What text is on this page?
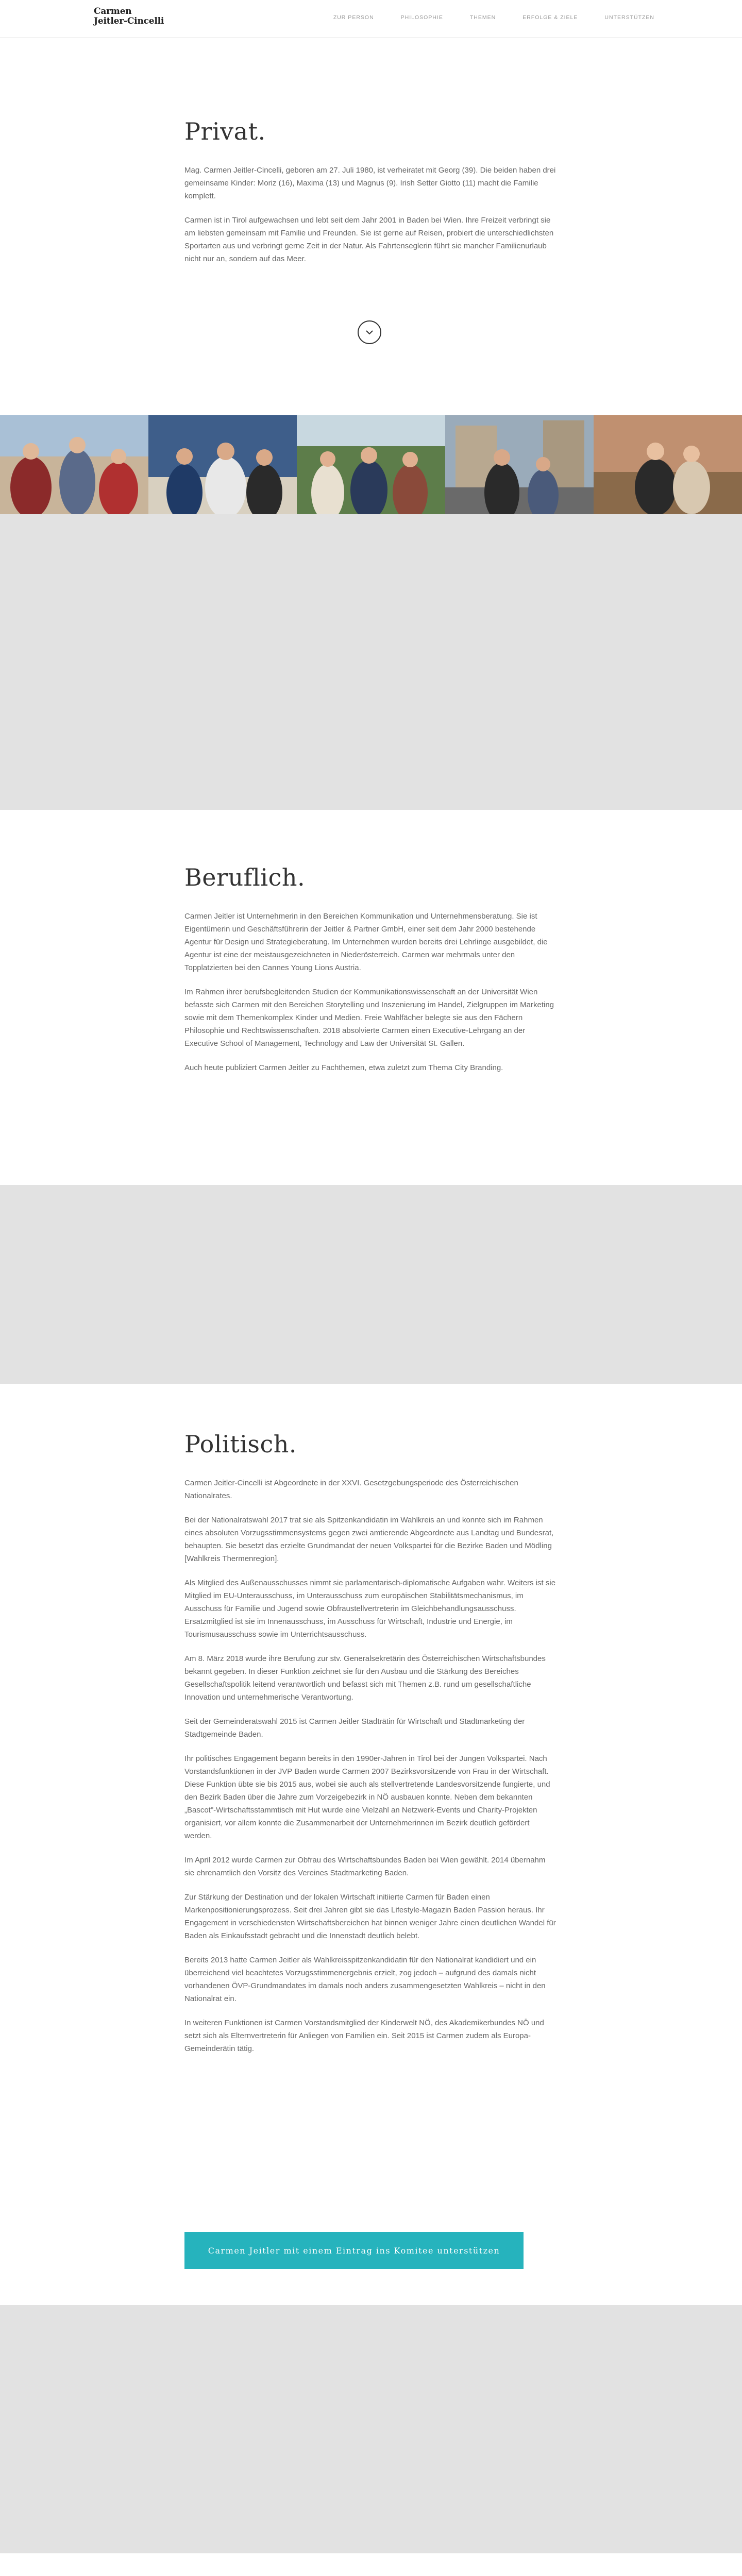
Carmen
Jeitler-Cincelli	ZUR PERSON	PHILOSOPHIE	THEMEN	ERFOLGE & ZIELE	UNTERSTÜTZEN
Privat.

Mag. Carmen Jeitler-Cincelli, geboren am 27. Juli 1980, ist verheiratet mit Georg (39). Die beiden haben drei gemeinsame Kinder: Moriz (16), Maxima (13) und Magnus (9). Irish Setter Giotto (11) macht die Familie komplett.

Carmen ist in Tirol aufgewachsen und lebt seit dem Jahr 2001 in Baden bei Wien. Ihre Freizeit verbringt sie am liebsten gemeinsam mit Familie und Freunden. Sie ist gerne auf Reisen, probiert die unterschiedlichsten Sportarten aus und verbringt gerne Zeit in der Natur. Als Fahrtenseglerin führt sie mancher Familienurlaub nicht nur an, sondern auf das Meer.

Beruflich.

Carmen Jeitler ist Unternehmerin in den Bereichen Kommunikation und Unternehmensberatung. Sie ist Eigentümerin und Geschäftsführerin der Jeitler & Partner GmbH, einer seit dem Jahr 2000 bestehende Agentur für Design und Strategieberatung. Im Unternehmen wurden bereits drei Lehrlinge ausgebildet, die Agentur ist eine der meistausgezeichneten in Niederösterreich. Carmen war mehrmals unter den Topplatzierten bei den Cannes Young Lions Austria.

Im Rahmen ihrer berufsbegleitenden Studien der Kommunikationswissenschaft an der Universität Wien befasste sich Carmen mit den Bereichen Storytelling und Inszenierung im Handel, Zielgruppen im Marketing sowie mit dem Themenkomplex Kinder und Medien. Freie Wahlfächer belegte sie aus den Fächern Philosophie und Rechtswissenschaften. 2018 absolvierte Carmen einen Executive-Lehrgang an der Executive School of Management, Technology and Law der Universität St. Gallen.

Auch heute publiziert Carmen Jeitler zu Fachthemen, etwa zuletzt zum Thema City Branding.

Politisch.

Carmen Jeitler-Cincelli ist Abgeordnete in der XXVI. Gesetzgebungsperiode des Österreichischen Nationalrates.

Bei der Nationalratswahl 2017 trat sie als Spitzenkandidatin im Wahlkreis an und konnte sich im Rahmen eines absoluten Vorzugsstimmensystems gegen zwei amtierende Abgeordnete aus Landtag und Bundesrat, behaupten. Sie besetzt das erzielte Grundmandat der neuen Volkspartei für die Bezirke Baden und Mödling [Wahlkreis Thermenregion].

Als Mitglied des Außenausschusses nimmt sie parlamentarisch-diplomatische Aufgaben wahr. Weiters ist sie Mitglied im EU-Unterausschuss, im Unterausschuss zum europäischen Stabilitätsmechanismus, im Ausschuss für Familie und Jugend sowie Obfraustellvertreterin im Gleichbehandlungsausschuss. Ersatzmitglied ist sie im Innenausschuss, im Ausschuss für Wirtschaft, Industrie und Energie, im Tourismusausschuss sowie im Unterrichtsausschuss.

Am 8. März 2018 wurde ihre Berufung zur stv. Generalsekretärin des Österreichischen Wirtschaftsbundes bekannt gegeben. In dieser Funktion zeichnet sie für den Ausbau und die Stärkung des Bereiches Gesellschaftspolitik leitend verantwortlich und befasst sich mit Themen z.B. rund um gesellschaftliche Innovation und unternehmerische Verantwortung.

Seit der Gemeinderatswahl 2015 ist Carmen Jeitler Stadträtin für Wirtschaft und Stadtmarketing der Stadtgemeinde Baden.

Ihr politisches Engagement begann bereits in den 1990er-Jahren in Tirol bei der Jungen Volkspartei. Nach Vorstandsfunktionen in der JVP Baden wurde Carmen 2007 Bezirksvorsitzende von Frau in der Wirtschaft. Diese Funktion übte sie bis 2015 aus, wobei sie auch als stellvertretende Landesvorsitzende fungierte, und den Bezirk Baden über die Jahre zum Vorzeigebezirk in NÖ ausbauen konnte. Neben dem bekannten „Bascot"-Wirtschaftsstammtisch mit Hut wurde eine Vielzahl an Netzwerk-Events und Charity-Projekten organisiert, vor allem konnte die Zusammenarbeit der Unternehmerinnen im Bezirk deutlich gefördert werden.

Im April 2012 wurde Carmen zur Obfrau des Wirtschaftsbundes Baden bei Wien gewählt. 2014 übernahm sie ehrenamtlich den Vorsitz des Vereines Stadtmarketing Baden.

Zur Stärkung der Destination und der lokalen Wirtschaft initiierte Carmen für Baden einen Markenpositionierungsprozess. Seit drei Jahren gibt sie das Lifestyle-Magazin Baden Passion heraus. Ihr Engagement in verschiedensten Wirtschaftsbereichen hat binnen weniger Jahre einen deutlichen Wandel für Baden als Einkaufsstadt gebracht und die Innenstadt deutlich belebt.

Bereits 2013 hatte Carmen Jeitler als Wahlkreisspitzenkandidatin für den Nationalrat kandidiert und ein überreichend viel beachtetes Vorzugsstimmenergebnis erzielt, zog jedoch – aufgrund des damals nicht vorhandenen ÖVP-Grundmandates im damals noch anders zusammengesetzten Wahlkreis – nicht in den Nationalrat ein.

In weiteren Funktionen ist Carmen Vorstandsmitglied der Kinderwelt NÖ, des Akademikerbundes NÖ und setzt sich als Elternvertreterin für Anliegen von Familien ein. Seit 2015 ist Carmen zudem als Europa-Gemeinderätin tätig.

Carmen Jeitler mit einem Eintrag ins Komitee unterstützen
